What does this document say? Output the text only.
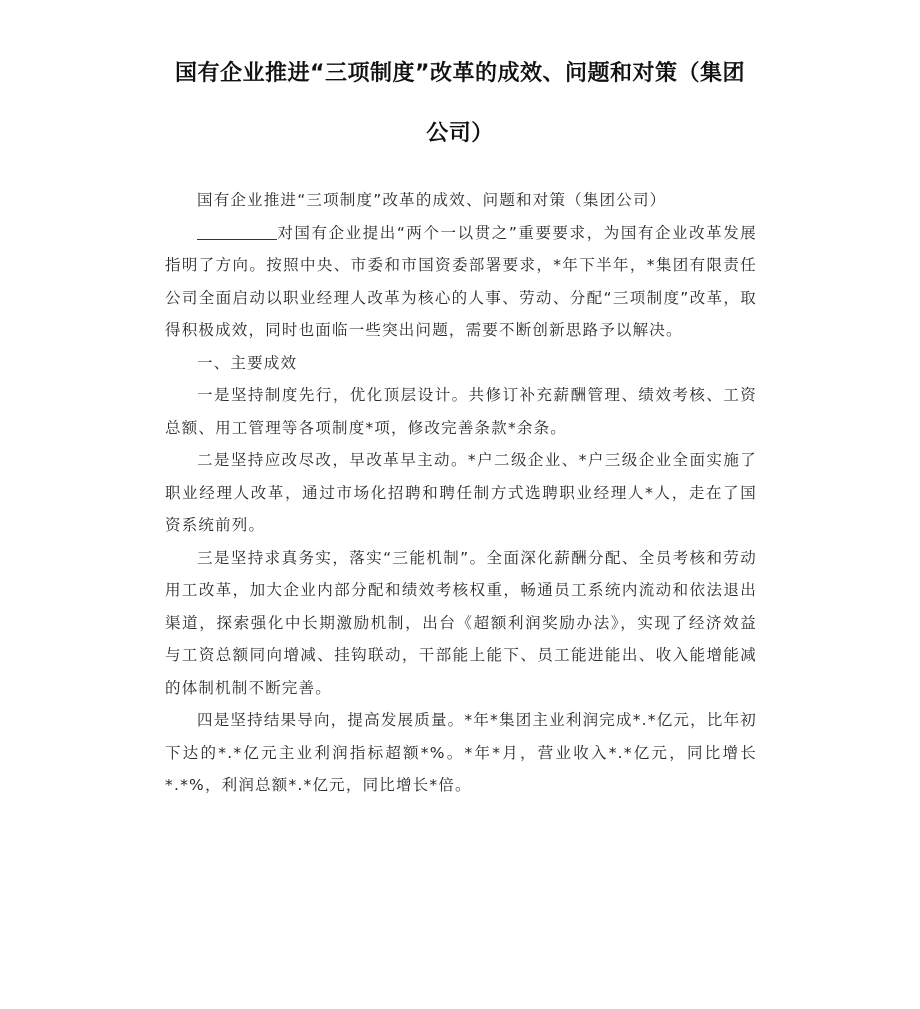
国有企业推进“三项制度”改革的成效、问题和对策（集团
公司）

国有企业推进“三项制度”改革的成效、问题和对策（集团公司）

对国有企业提出“两个一以贯之”重要要求，为国有企业改革发展指明了方向。按照中央、市委和市国资委部署要求，*年下半年，*集团有限责任公司全面启动以职业经理人改革为核心的人事、劳动、分配“三项制度”改革，取得积极成效，同时也面临一些突出问题，需要不断创新思路予以解决。

一、主要成效

一是坚持制度先行，优化顶层设计。共修订补充薪酬管理、绩效考核、工资总额、用工管理等各项制度*项，修改完善条款*余条。

二是坚持应改尽改，早改革早主动。*户二级企业、*户三级企业全面实施了职业经理人改革，通过市场化招聘和聘任制方式选聘职业经理人*人，走在了国资系统前列。

三是坚持求真务实，落实“三能机制”。全面深化薪酬分配、全员考核和劳动用工改革，加大企业内部分配和绩效考核权重，畅通员工系统内流动和依法退出渠道，探索强化中长期激励机制，出台《超额利润奖励办法》，实现了经济效益与工资总额同向增减、挂钩联动，干部能上能下、员工能进能出、收入能增能减的体制机制不断完善。

四是坚持结果导向，提高发展质量。*年*集团主业利润完成*.*亿元，比年初下达的*.*亿元主业利润指标超额*%。*年*月，营业收入*.*亿元，同比增长*.*%，利润总额*.*亿元，同比增长*倍。
